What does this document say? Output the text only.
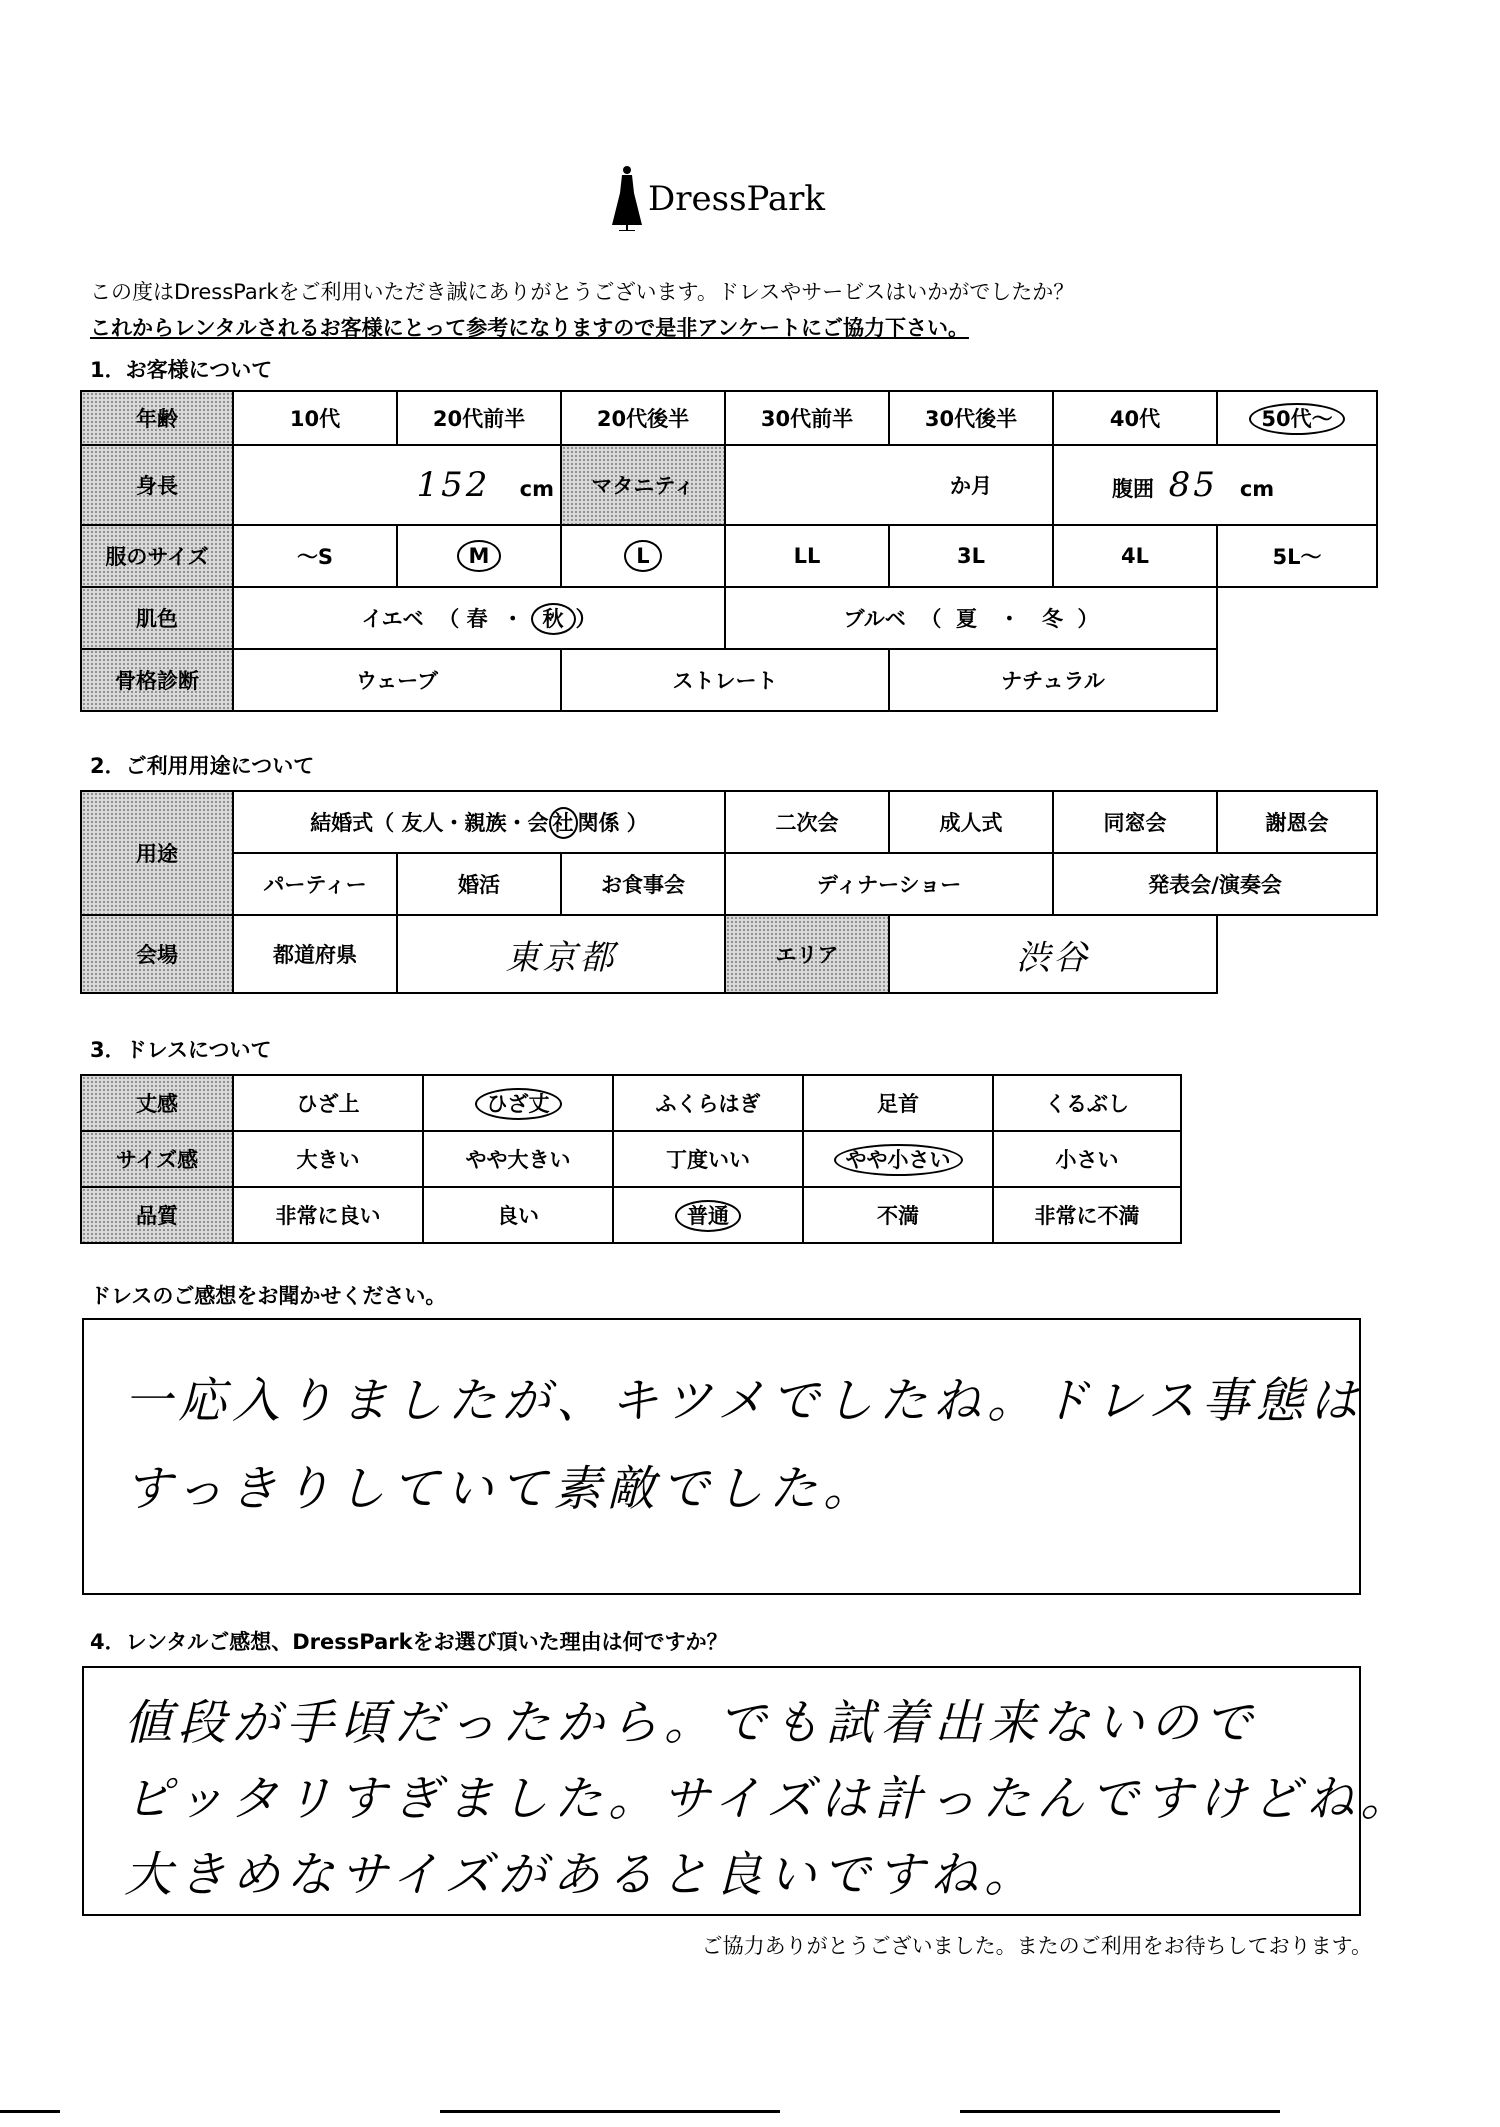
DressPark
この度はDressParkをご利用いただき誠にありがとうございます。ドレスやサービスはいかがでしたか？
これからレンタルされるお客様にとって参考になりますので是非アンケートにご協力下さい。
1．お客様について
年齢	10代	20代前半	20代後半	30代前半	30代後半	40代	50代～
身長	152 cm		マタニティ	か月		腹囲 85 cm	
服のサイズ	～S	M	L	LL	3L	4L	5L～
肌色	イエベ （ 春 ・ 秋 ）			ブルベ （ 夏 ・ 冬 ）			
骨格診断	ウェーブ		ストレート		ナチュラル		
2．ご利用用途について
用途	結婚式（ 友人・親族・会 社 関係 ）			二次会	成人式	同窓会	謝恩会
	パーティー	婚活	お食事会	ディナーショー		発表会/演奏会	
会場	都道府県	東京都		エリア	渋谷		
3．ドレスについて
丈感	ひざ上	ひざ丈	ふくらはぎ	足首	くるぶし
サイズ感	大きい	やや大きい	丁度いい	やや小さい	小さい
品質	非常に良い	良い	普通	不満	非常に不満
ドレスのご感想をお聞かせください。
一応入りましたが、キツメでしたね。ドレス事態は
すっきりしていて素敵でした。
4．レンタルご感想、DressParkをお選び頂いた理由は何ですか？
値段が手頃だったから。でも試着出来ないので
ピッタリすぎました。サイズは計ったんですけどね。
大きめなサイズがあると良いですね。
ご協力ありがとうございました。またのご利用をお待ちしております。
